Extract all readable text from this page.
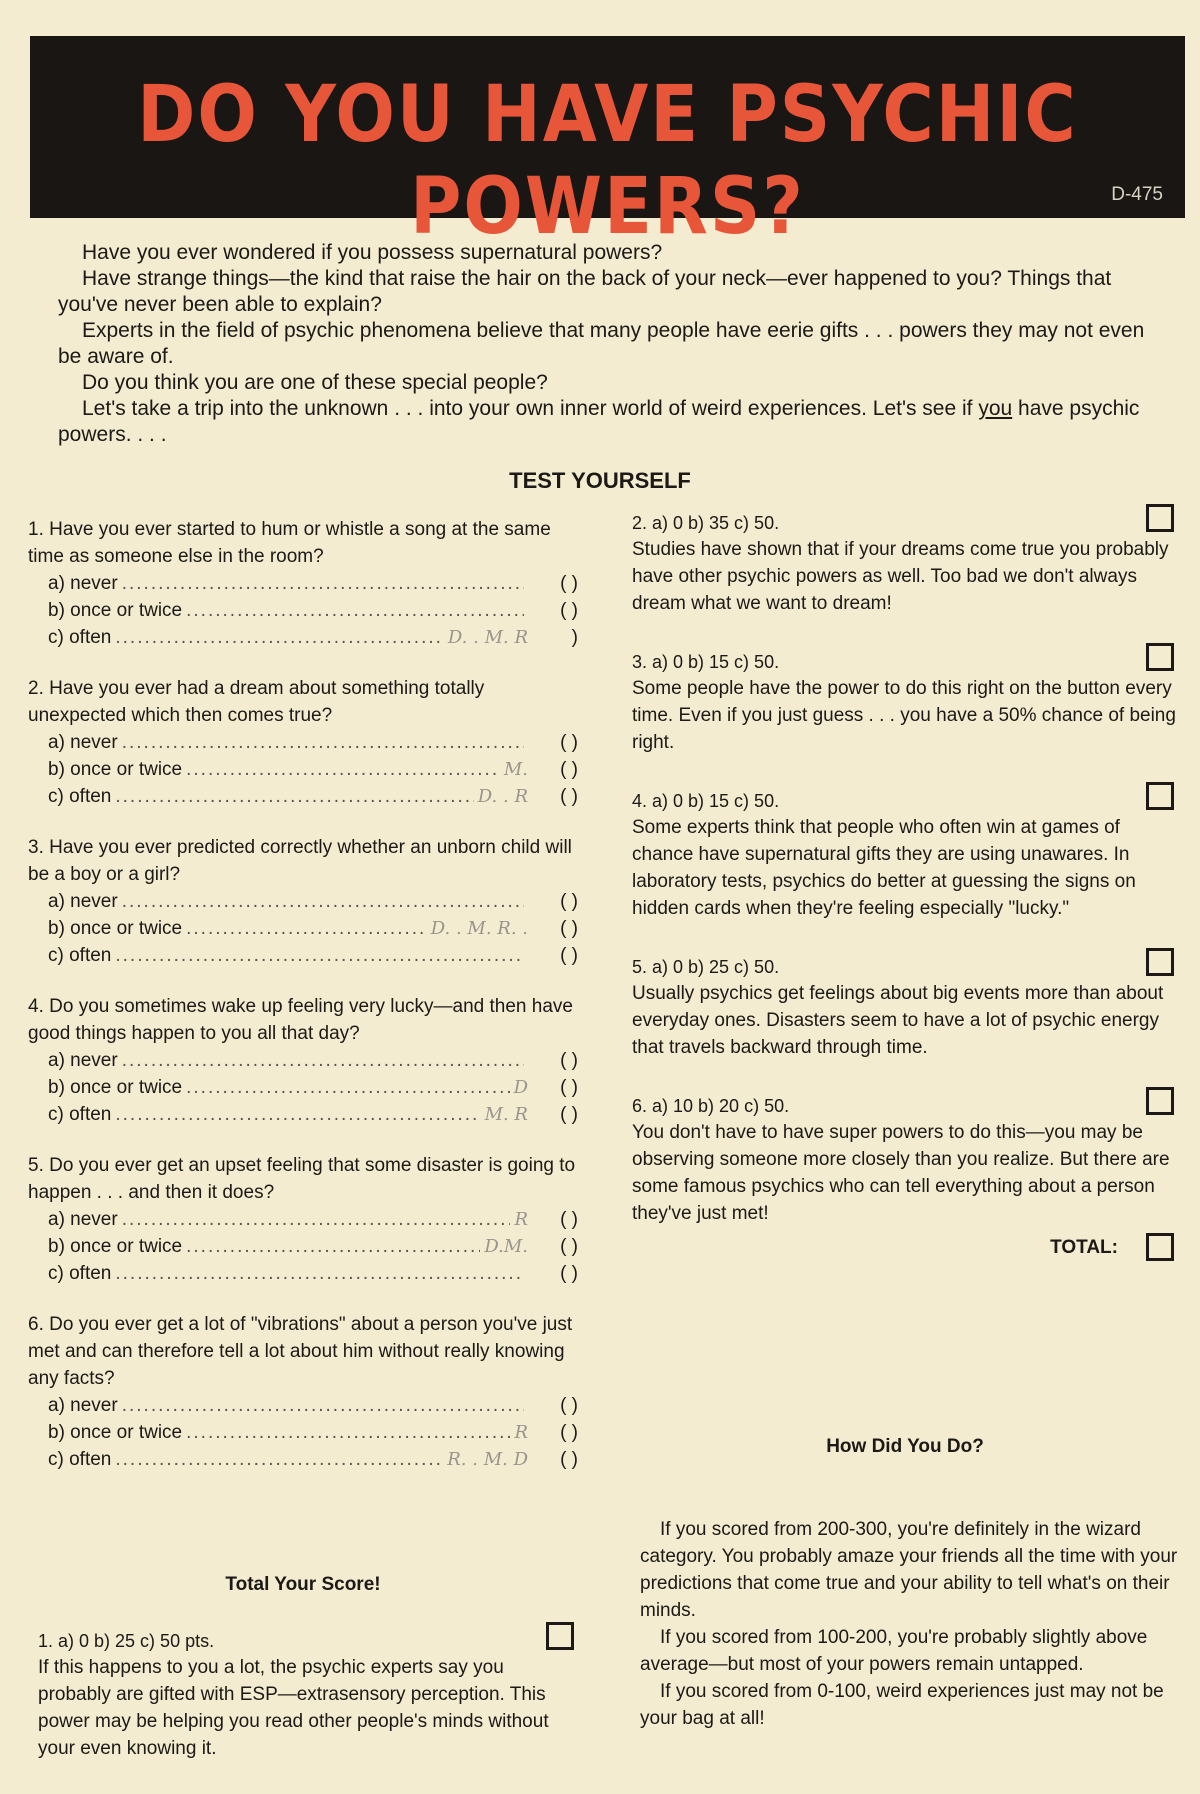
DO YOU HAVE PSYCHIC POWERS?	D-475

Have you ever wondered if you possess supernatural powers?

Have strange things—the kind that raise the hair on the back of your neck—ever happened to you? Things that you've never been able to explain?

Experts in the field of psychic phenomena believe that many people have eerie gifts . . . powers they may not even be aware of.

Do you think you are one of these special people?

Let's take a trip into the unknown . . . into your own inner world of weird experiences. Let's see if you have psychic powers. . . .

TEST YOURSELF

1. Have you ever started to hum or whistle a song at the same time as someone else in the room?

a) never .....	( )
b) once or twice .....	( )
c) often .....	D. . M. R	)

2. Have you ever had a dream about something totally unexpected which then comes true?

a) never .....	( )
b) once or twice .....	M.	( )
c) often .....	D. . R	( )

3. Have you ever predicted correctly whether an unborn child will be a boy or a girl?

a) never .....	( )
b) once or twice .....	D. . M. R. .	( )
c) often .....	( )

4. Do you sometimes wake up feeling very lucky—and then have good things happen to you all that day?

a) never .....	( )
b) once or twice .....	D	( )
c) often .....	M. R	( )

5. Do you ever get an upset feeling that some disaster is going to happen . . . and then it does?

a) never .....	R	( )
b) once or twice .....	D.M.	( )
c) often .....	( )

6. Do you ever get a lot of "vibrations" about a person you've just met and can therefore tell a lot about him without really knowing any facts?

a) never .....	( )
b) once or twice .....	R	( )
c) often .....	R. . M. D	( )
Total Your Score!
1. a) 0 b) 25 c) 50 pts.
If this happens to you a lot, the psychic experts say you probably are gifted with ESP—extrasensory perception. This power may be helping you read other people's minds without your even knowing it.
2. a) 0 b) 35 c) 50.
Studies have shown that if your dreams come true you probably have other psychic powers as well. Too bad we don't always dream what we want to dream!
3. a) 0 b) 15 c) 50.
Some people have the power to do this right on the button every time. Even if you just guess . . . you have a 50% chance of being right.
4. a) 0 b) 15 c) 50.
Some experts think that people who often win at games of chance have supernatural gifts they are using unawares. In laboratory tests, psychics do better at guessing the signs on hidden cards when they're feeling especially "lucky."
5. a) 0 b) 25 c) 50.
Usually psychics get feelings about big events more than about everyday ones. Disasters seem to have a lot of psychic energy that travels backward through time.
6. a) 10 b) 20 c) 50.
You don't have to have super powers to do this—you may be observing someone more closely than you realize. But there are some famous psychics who can tell everything about a person they've just met!
TOTAL:
How Did You Do?

If you scored from 200-300, you're definitely in the wizard category. You probably amaze your friends all the time with your predictions that come true and your ability to tell what's on their minds.

If you scored from 100-200, you're probably slightly above average—but most of your powers remain untapped.

If you scored from 0-100, weird experiences just may not be your bag at all!
